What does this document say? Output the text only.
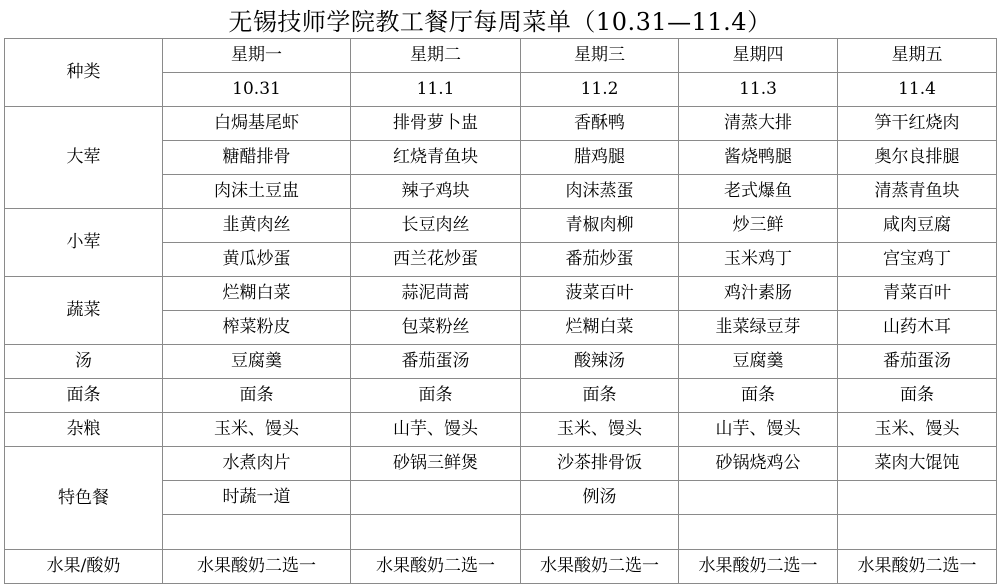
无锡技师学院教工餐厅每周菜单（10.31—11.4）
种类	星期一	星期二	星期三	星期四	星期五
	10.31	11.1	11.2	11.3	11.4
大荤	白焗基尾虾	排骨萝卜盅	香酥鸭	清蒸大排	笋干红烧肉
	糖醋排骨	红烧青鱼块	腊鸡腿	酱烧鸭腿	奥尔良排腿
	肉沫土豆盅	辣子鸡块	肉沫蒸蛋	老式爆鱼	清蒸青鱼块
小荤	韭黄肉丝	长豆肉丝	青椒肉柳	炒三鲜	咸肉豆腐
	黄瓜炒蛋	西兰花炒蛋	番茄炒蛋	玉米鸡丁	宫宝鸡丁
蔬菜	烂糊白菜	蒜泥茼蒿	菠菜百叶	鸡汁素肠	青菜百叶
	榨菜粉皮	包菜粉丝	烂糊白菜	韭菜绿豆芽	山药木耳
汤	豆腐羹	番茄蛋汤	酸辣汤	豆腐羹	番茄蛋汤
面条	面条	面条	面条	面条	面条
杂粮	玉米、馒头	山芋、馒头	玉米、馒头	山芋、馒头	玉米、馒头
特色餐	水煮肉片	砂锅三鲜煲	沙茶排骨饭	砂锅烧鸡公	菜肉大馄饨
	时蔬一道		例汤		

水果/酸奶	水果酸奶二选一	水果酸奶二选一	水果酸奶二选一	水果酸奶二选一	水果酸奶二选一
